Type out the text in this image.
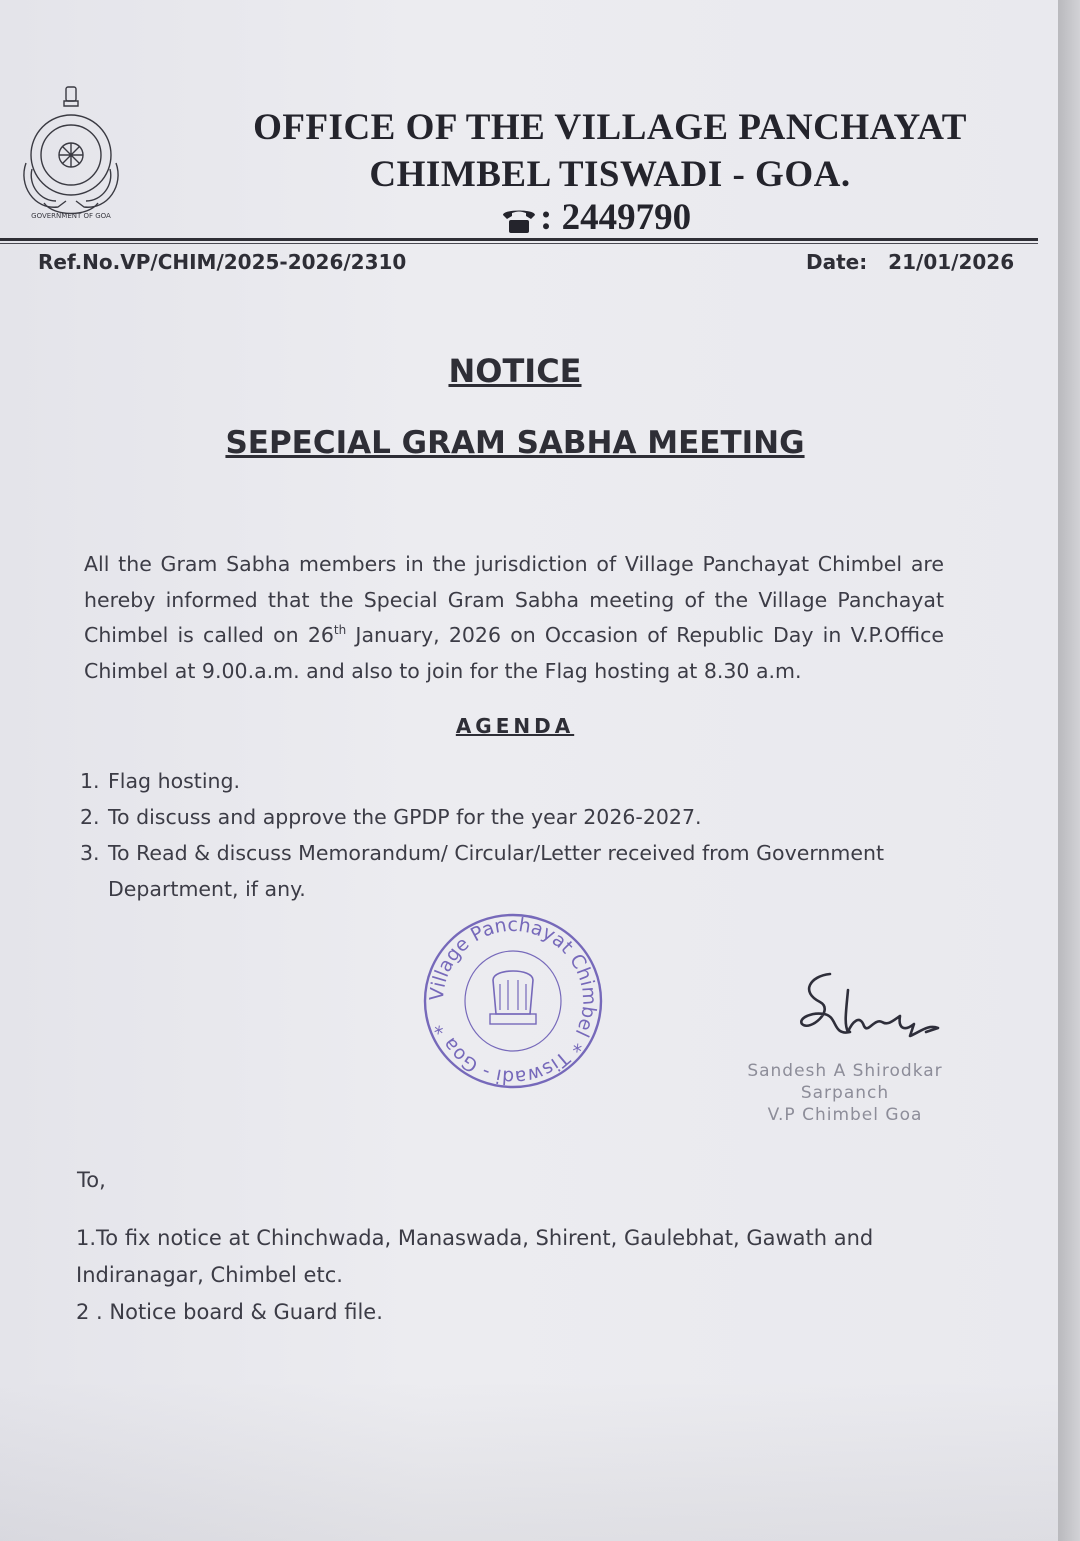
GOVERNMENT OF GOA
OFFICE OF THE VILLAGE PANCHAYAT
CHIMBEL TISWADI - GOA.
: 2449790
Ref.No.VP/CHIM/2025-2026/2310	Date: 21/01/2026
NOTICE
SEPECIAL GRAM SABHA MEETING
All the Gram Sabha members in the jurisdiction of Village Panchayat Chimbel are hereby informed that the Special Gram Sabha meeting of the Village Panchayat Chimbel is called on 26th January, 2026 on Occasion of Republic Day in V.P.Office Chimbel at 9.00.a.m. and also to join for the Flag hosting at 8.30 a.m.
AGENDA
1. Flag hosting.
2. To discuss and approve the GPDP for the year 2026-2027.
3. To Read & discuss Memorandum/ Circular/Letter received from Government Department, if any.
Village Panchayat Chimbel * Tiswadi - Goa *
Sandesh A Shirodkar
Sarpanch
V.P Chimbel Goa
To,
1.To fix notice at Chinchwada, Manaswada, Shirent, Gaulebhat, Gawath and Indiranagar, Chimbel etc.
2 . Notice board & Guard file.
